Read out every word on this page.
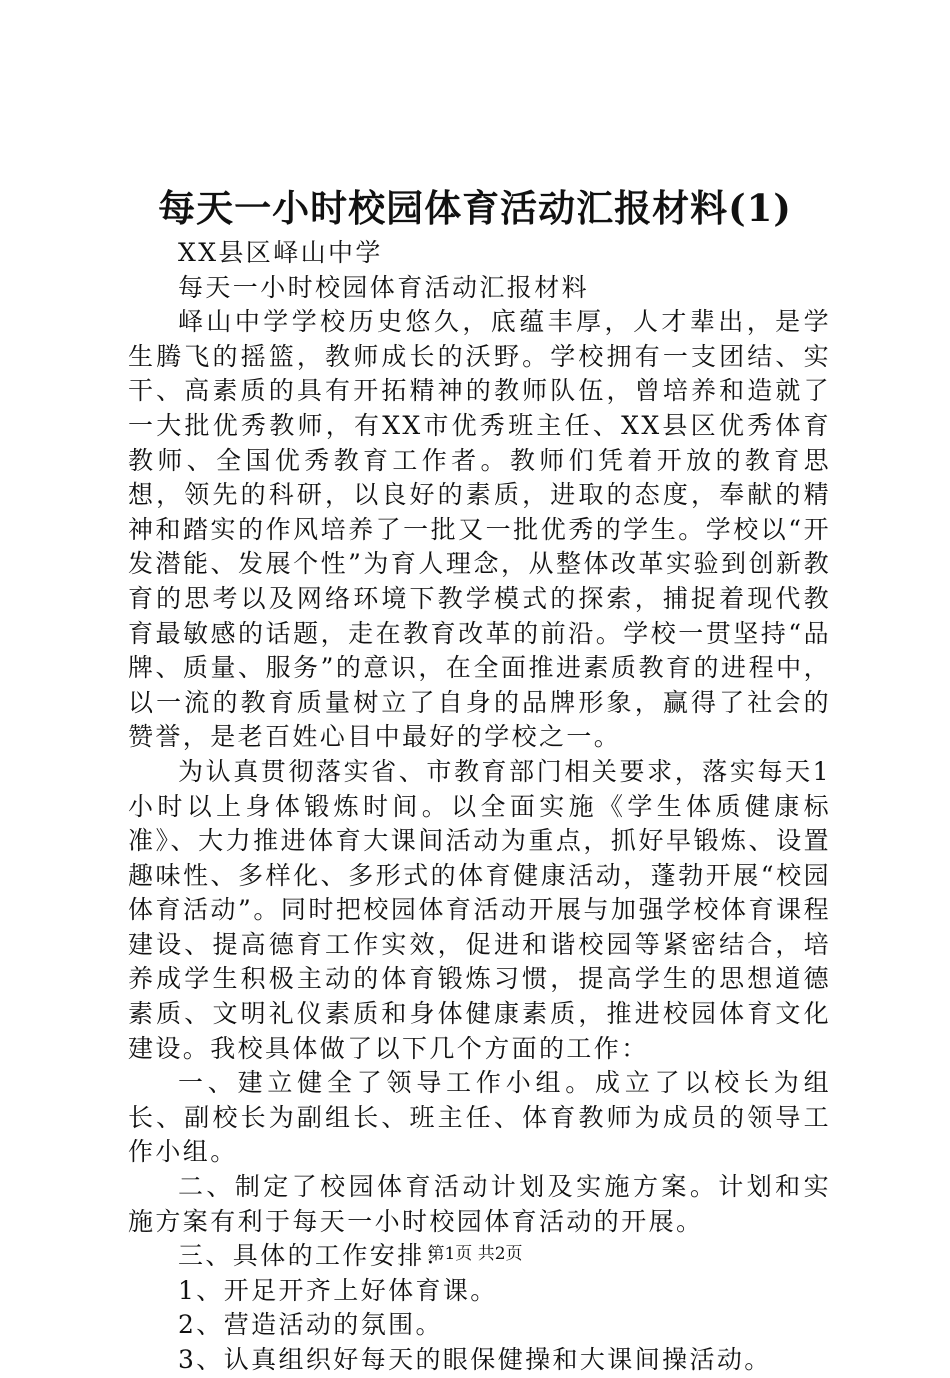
每天一小时校园体育活动汇报材料(1)

XX县区峄山中学

每天一小时校园体育活动汇报材料

峄山中学学校历史悠久，底蕴丰厚，人才辈出，是学生腾飞的摇篮，教师成长的沃野。学校拥有一支团结、实干、高素质的具有开拓精神的教师队伍，曾培养和造就了一大批优秀教师，有XX市优秀班主任、XX县区优秀体育教师、全国优秀教育工作者。教师们凭着开放的教育思想，领先的科研，以良好的素质，进取的态度，奉献的精神和踏实的作风培养了一批又一批优秀的学生。学校以“开发潜能、发展个性”为育人理念，从整体改革实验到创新教育的思考以及网络环境下教学模式的探索，捕捉着现代教育最敏感的话题，走在教育改革的前沿。学校一贯坚持“品牌、质量、服务”的意识，在全面推进素质教育的进程中，以一流的教育质量树立了自身的品牌形象，赢得了社会的赞誉，是老百姓心目中最好的学校之一。

为认真贯彻落实省、市教育部门相关要求，落实每天1小时以上身体锻炼时间。以全面实施《学生体质健康标准》、大力推进体育大课间活动为重点，抓好早锻炼、设置趣味性、多样化、多形式的体育健康活动，蓬勃开展“校园体育活动”。同时把校园体育活动开展与加强学校体育课程建设、提高德育工作实效，促进和谐校园等紧密结合，培养成学生积极主动的体育锻炼习惯，提高学生的思想道德素质、文明礼仪素质和身体健康素质，推进校园体育文化建设。我校具体做了以下几个方面的工作：

一、建立健全了领导工作小组。成立了以校长为组长、副校长为副组长、班主任、体育教师为成员的领导工作小组。

二、制定了校园体育活动计划及实施方案。计划和实施方案有利于每天一小时校园体育活动的开展。

三、具体的工作安排：

1、开足开齐上好体育课。

2、营造活动的氛围。

3、认真组织好每天的眼保健操和大课间操活动。

第1页 共2页
